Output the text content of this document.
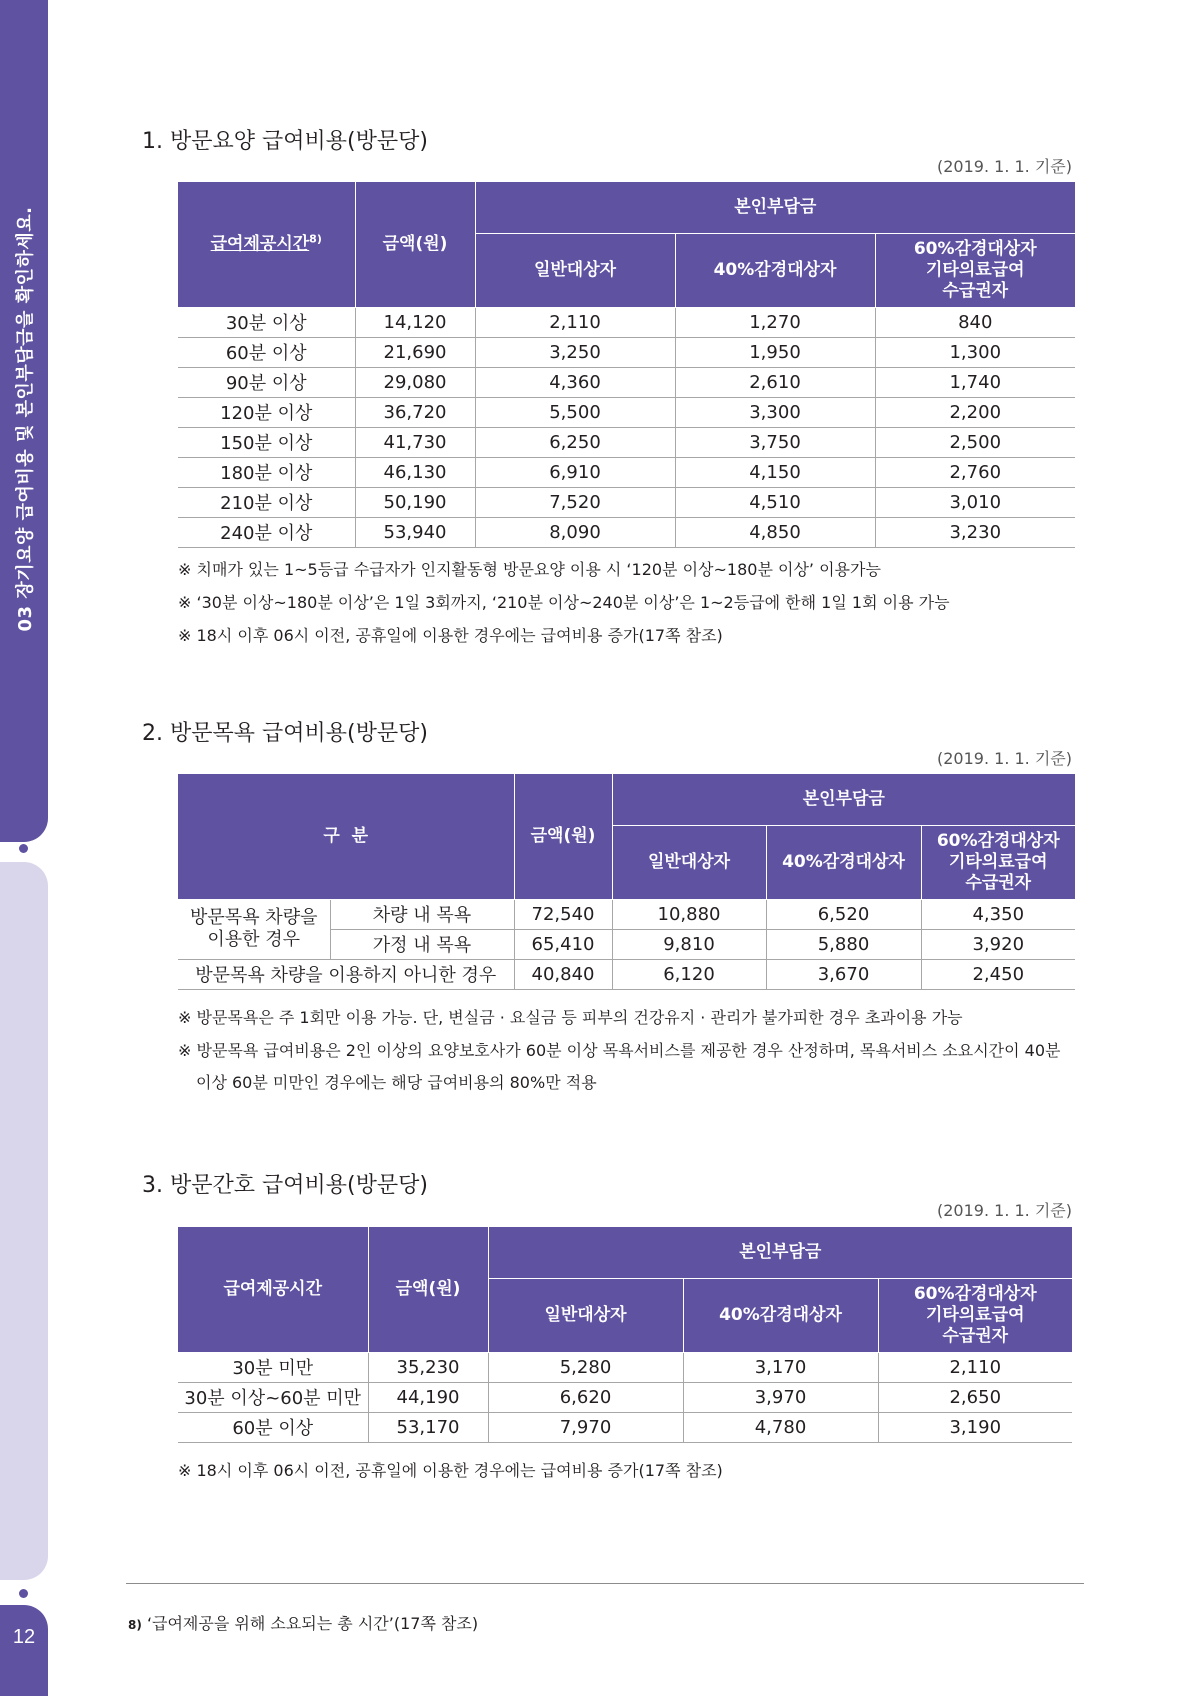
03 장기요양 급여비용 및 본인부담금을 확인하세요.
12
1. 방문요양 급여비용(방문당)
(2019. 1. 1. 기준)
급여제공시간$^{8)}$	금액(원)	본인부담금		
		일반대상자	40%감경대상자	60%감경대상자
기타의료급여
수급권자
30분 이상	14,120	2,110	1,270	840
60분 이상	21,690	3,250	1,950	1,300
90분 이상	29,080	4,360	2,610	1,740
120분 이상	36,720	5,500	3,300	2,200
150분 이상	41,730	6,250	3,750	2,500
180분 이상	46,130	6,910	4,150	2,760
210분 이상	50,190	7,520	4,510	3,010
240분 이상	53,940	8,090	4,850	3,230
※ 치매가 있는 1~5등급 수급자가 인지활동형 방문요양 이용 시 ‘120분 이상~180분 이상’ 이용가능
※ ‘30분 이상~180분 이상’은 1일 3회까지, ‘210분 이상~240분 이상’은 1~2등급에 한해 1일 1회 이용 가능
※ 18시 이후 06시 이전, 공휴일에 이용한 경우에는 급여비용 증가(17쪽 참조)
2. 방문목욕 급여비용(방문당)
(2019. 1. 1. 기준)
구  분		금액(원)	본인부담금		
			일반대상자	40%감경대상자	60%감경대상자
기타의료급여
수급권자
방문목욕 차량을
이용한 경우	차량 내 목욕	72,540	10,880	6,520	4,350
	가정 내 목욕	65,410	9,810	5,880	3,920
방문목욕 차량을 이용하지 아니한 경우		40,840	6,120	3,670	2,450
※ 방문목욕은 주 1회만 이용 가능. 단, 변실금 · 요실금 등 피부의 건강유지 · 관리가 불가피한 경우 초과이용 가능
※ 방문목욕 급여비용은 2인 이상의 요양보호사가 60분 이상 목욕서비스를 제공한 경우 산정하며, 목욕서비스 소요시간이 40분
이상 60분 미만인 경우에는 해당 급여비용의 80%만 적용
3. 방문간호 급여비용(방문당)
(2019. 1. 1. 기준)
급여제공시간	금액(원)	본인부담금		
		일반대상자	40%감경대상자	60%감경대상자
기타의료급여
수급권자
30분 미만	35,230	5,280	3,170	2,110
30분 이상~60분 미만	44,190	6,620	3,970	2,650
60분 이상	53,170	7,970	4,780	3,190
※ 18시 이후 06시 이전, 공휴일에 이용한 경우에는 급여비용 증가(17쪽 참조)
8) ‘급여제공을 위해 소요되는 총 시간’(17쪽 참조)
